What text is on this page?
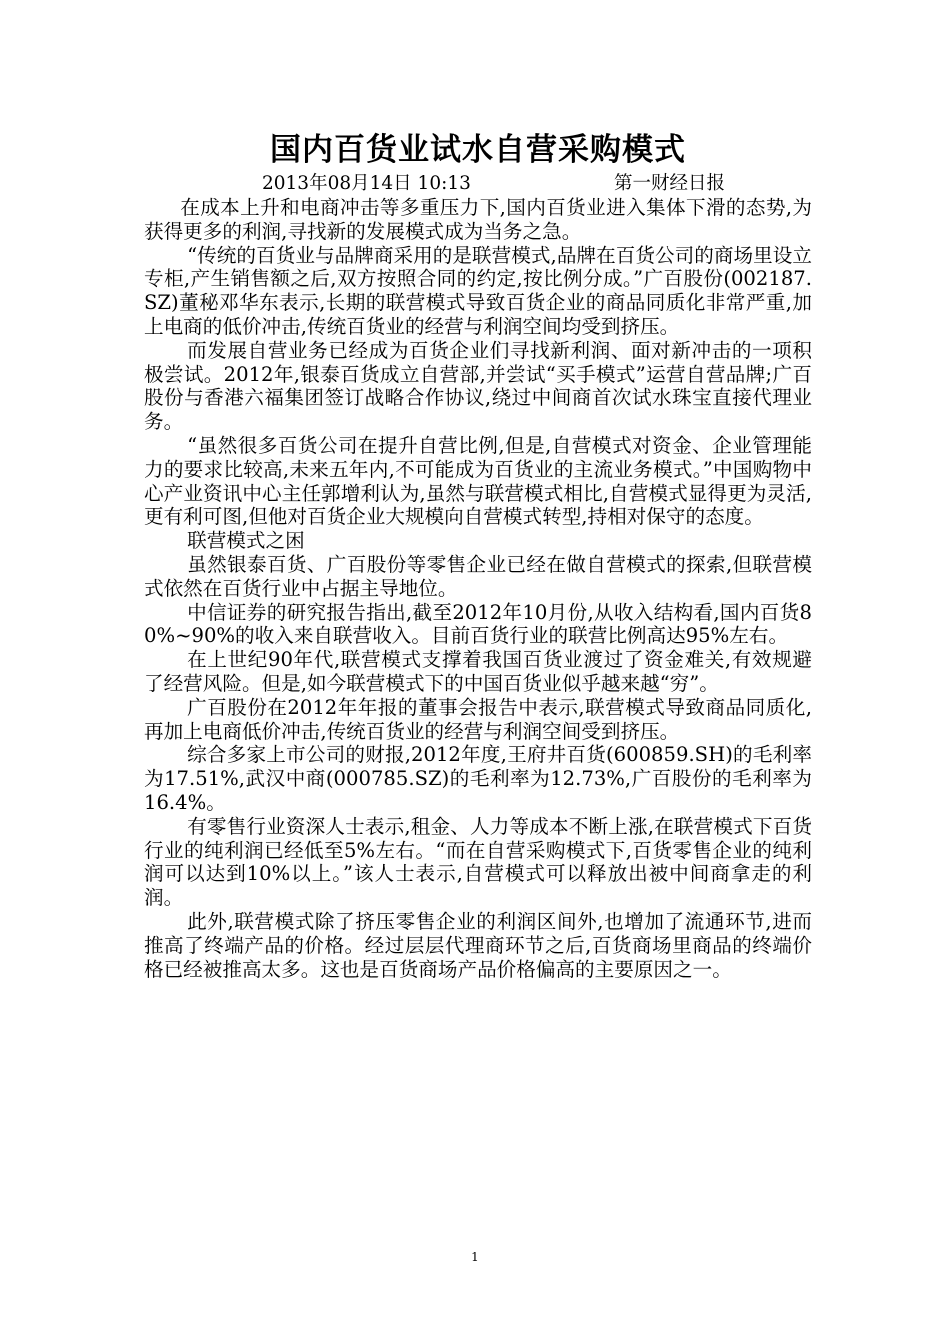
国内百货业试水自营采购模式
2013年08月14日 10:13	第一财经日报

在成本上升和电商冲击等多重压力下,国内百货业进入集体下滑的态势,为获得更多的利润,寻找新的发展模式成为当务之急。

“传统的百货业与品牌商采用的是联营模式,品牌在百货公司的商场里设立专柜,产生销售额之后,双方按照合同的约定,按比例分成。”广百股份(002187.SZ)董秘邓华东表示,长期的联营模式导致百货企业的商品同质化非常严重,加上电商的低价冲击,传统百货业的经营与利润空间均受到挤压。

而发展自营业务已经成为百货企业们寻找新利润、面对新冲击的一项积极尝试。2012年,银泰百货成立自营部,并尝试“买手模式”运营自营品牌;广百股份与香港六福集团签订战略合作协议,绕过中间商首次试水珠宝直接代理业务。

“虽然很多百货公司在提升自营比例,但是,自营模式对资金、企业管理能力的要求比较高,未来五年内,不可能成为百货业的主流业务模式。”中国购物中心产业资讯中心主任郭增利认为,虽然与联营模式相比,自营模式显得更为灵活,更有利可图,但他对百货企业大规模向自营模式转型,持相对保守的态度。

联营模式之困

虽然银泰百货、广百股份等零售企业已经在做自营模式的探索,但联营模式依然在百货行业中占据主导地位。

中信证券的研究报告指出,截至2012年10月份,从收入结构看,国内百货80%~90%的收入来自联营收入。目前百货行业的联营比例高达95%左右。

在上世纪90年代,联营模式支撑着我国百货业渡过了资金难关,有效规避了经营风险。但是,如今联营模式下的中国百货业似乎越来越“穷”。

广百股份在2012年年报的董事会报告中表示,联营模式导致商品同质化,再加上电商低价冲击,传统百货业的经营与利润空间受到挤压。

综合多家上市公司的财报,2012年度,王府井百货(600859.SH)的毛利率为17.51%,武汉中商(000785.SZ)的毛利率为12.73%,广百股份的毛利率为16.4%。

有零售行业资深人士表示,租金、人力等成本不断上涨,在联营模式下百货行业的纯利润已经低至5%左右。“而在自营采购模式下,百货零售企业的纯利润可以达到10%以上。”该人士表示,自营模式可以释放出被中间商拿走的利润。

此外,联营模式除了挤压零售企业的利润区间外,也增加了流通环节,进而推高了终端产品的价格。经过层层代理商环节之后,百货商场里商品的终端价格已经被推高太多。这也是百货商场产品价格偏高的主要原因之一。

1
